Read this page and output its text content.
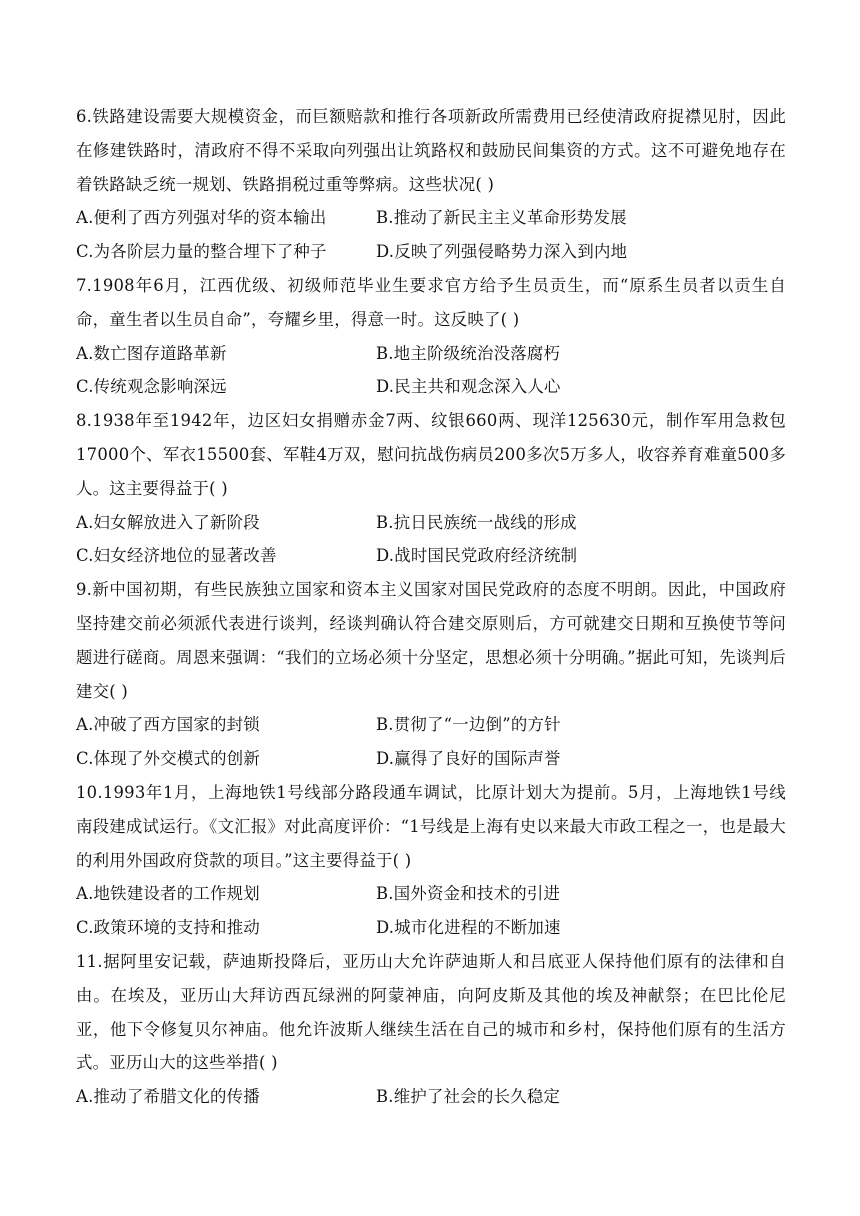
6.铁路建设需要大规模资金，而巨额赔款和推行各项新政所需费用已经使清政府捉襟见肘，因此在修建铁路时，清政府不得不采取向列强出让筑路权和鼓励民间集资的方式。这不可避免地存在着铁路缺乏统一规划、铁路捐税过重等弊病。这些状况( )

A.便利了西方列强对华的资本输出	B.推动了新民主主义革命形势发展
C.为各阶层力量的整合埋下了种子	D.反映了列强侵略势力深入到内地

7.1908年6月，江西优级、初级师范毕业生要求官方给予生员贡生，而“原系生员者以贡生自命，童生者以生员自命”，夸耀乡里，得意一时。这反映了( )

A.数亡图存道路革新	B.地主阶级统治没落腐朽
C.传统观念影响深远	D.民主共和观念深入人心

8.1938年至1942年，边区妇女捐赠赤金7两、纹银660两、现洋125630元，制作军用急救包17000个、军衣15500套、军鞋4万双，慰问抗战伤病员200多次5万多人，收容养育难童500多人。这主要得益于( )

A.妇女解放进入了新阶段	B.抗日民族统一战线的形成
C.妇女经济地位的显著改善	D.战时国民党政府经济统制

9.新中国初期，有些民族独立国家和资本主义国家对国民党政府的态度不明朗。因此，中国政府坚持建交前必须派代表进行谈判，经谈判确认符合建交原则后，方可就建交日期和互换使节等问题进行磋商。周恩来强调：“我们的立场必须十分坚定，思想必须十分明确。”据此可知，先谈判后建交( )

A.冲破了西方国家的封锁	B.贯彻了“一边倒”的方针
C.体现了外交模式的创新	D.赢得了良好的国际声誉

10.1993年1月，上海地铁1号线部分路段通车调试，比原计划大为提前。5月，上海地铁1号线南段建成试运行。《文汇报》对此高度评价：“1号线是上海有史以来最大市政工程之一，也是最大的利用外国政府贷款的项目。”这主要得益于( )

A.地铁建设者的工作规划	B.国外资金和技术的引进
C.政策环境的支持和推动	D.城市化进程的不断加速

11.据阿里安记载，萨迪斯投降后，亚历山大允许萨迪斯人和吕底亚人保持他们原有的法律和自由。在埃及，亚历山大拜访西瓦绿洲的阿蒙神庙，向阿皮斯及其他的埃及神献祭；在巴比伦尼亚，他下令修复贝尔神庙。他允许波斯人继续生活在自己的城市和乡村，保持他们原有的生活方式。亚历山大的这些举措( )

A.推动了希腊文化的传播	B.维护了社会的长久稳定
